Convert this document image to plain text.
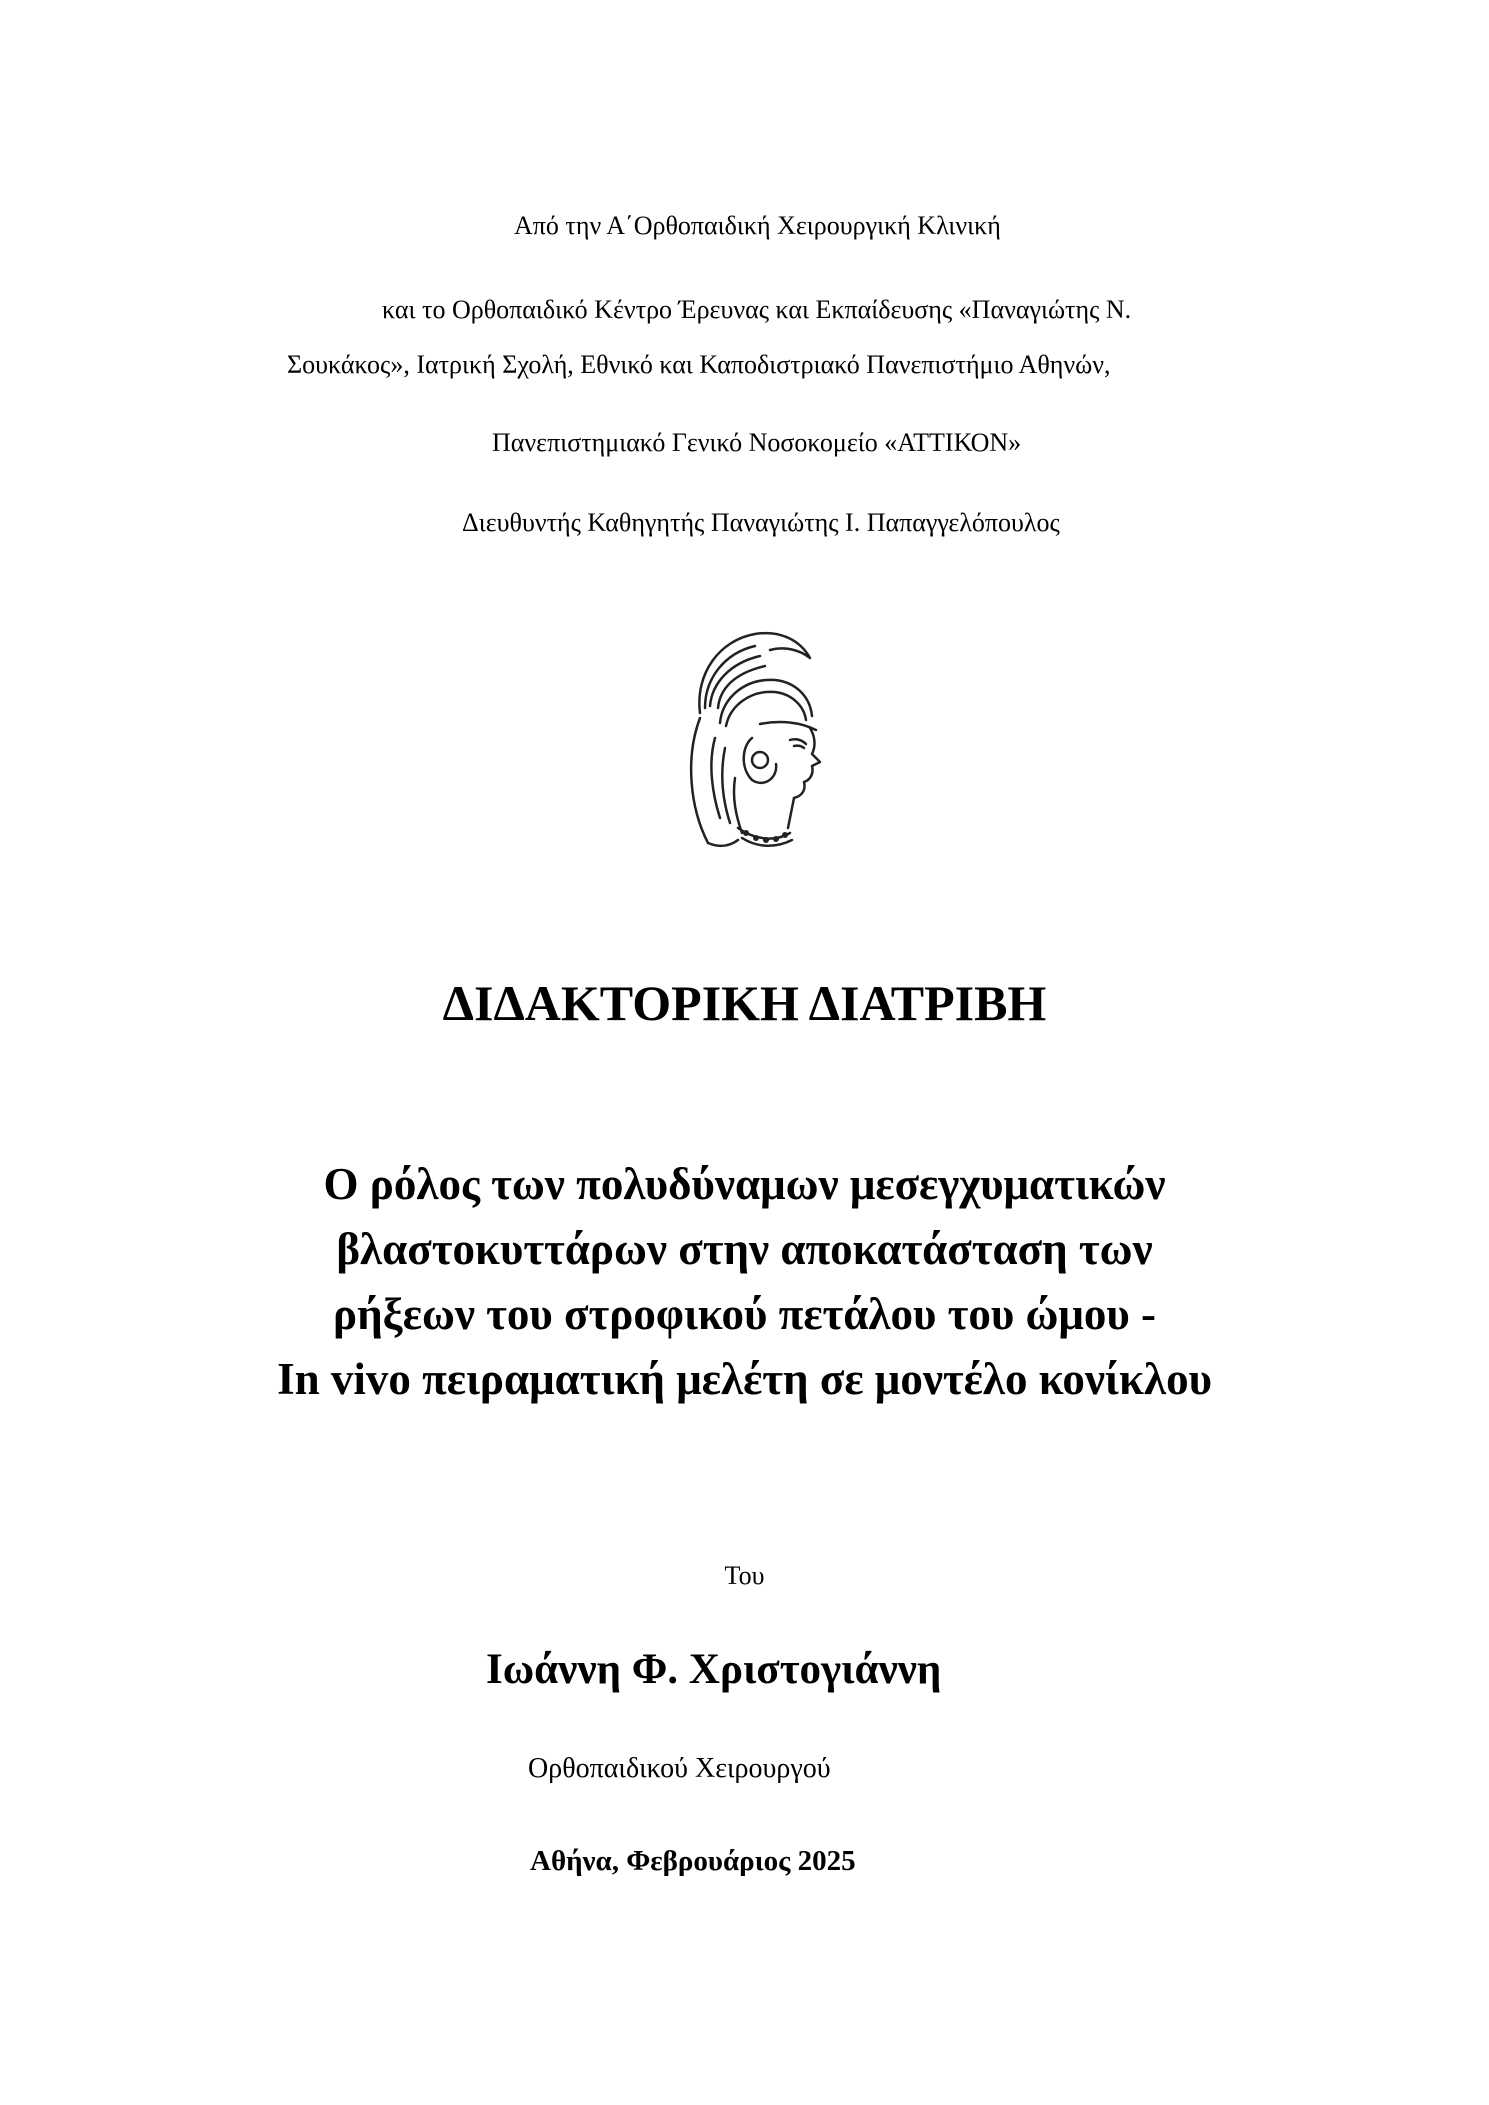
Από την Α΄Ορθοπαιδική Χειρουργική Κλινική
και το Ορθοπαιδικό Κέντρο Έρευνας και Εκπαίδευσης «Παναγιώτης Ν.
Σουκάκος», Ιατρική Σχολή, Εθνικό και Καποδιστριακό Πανεπιστήμιο Αθηνών,
Πανεπιστημιακό Γενικό Νοσοκομείο «ΑΤΤΙΚΟΝ»
Διευθυντής Καθηγητής Παναγιώτης Ι. Παπαγγελόπουλος
ΔΙΔΑΚΤΟΡΙΚΗ ΔΙΑΤΡΙΒΗ
Ο ρόλος των πολυδύναμων μεσεγχυματικών
βλαστοκυττάρων στην αποκατάσταση των
ρήξεων του στροφικού πετάλου του ώμου -
In vivo πειραματική μελέτη σε μοντέλο κονίκλου
Του
Ιωάννη Φ. Χριστογιάννη
Ορθοπαιδικού Χειρουργού
Αθήνα, Φεβρουάριος 2025
